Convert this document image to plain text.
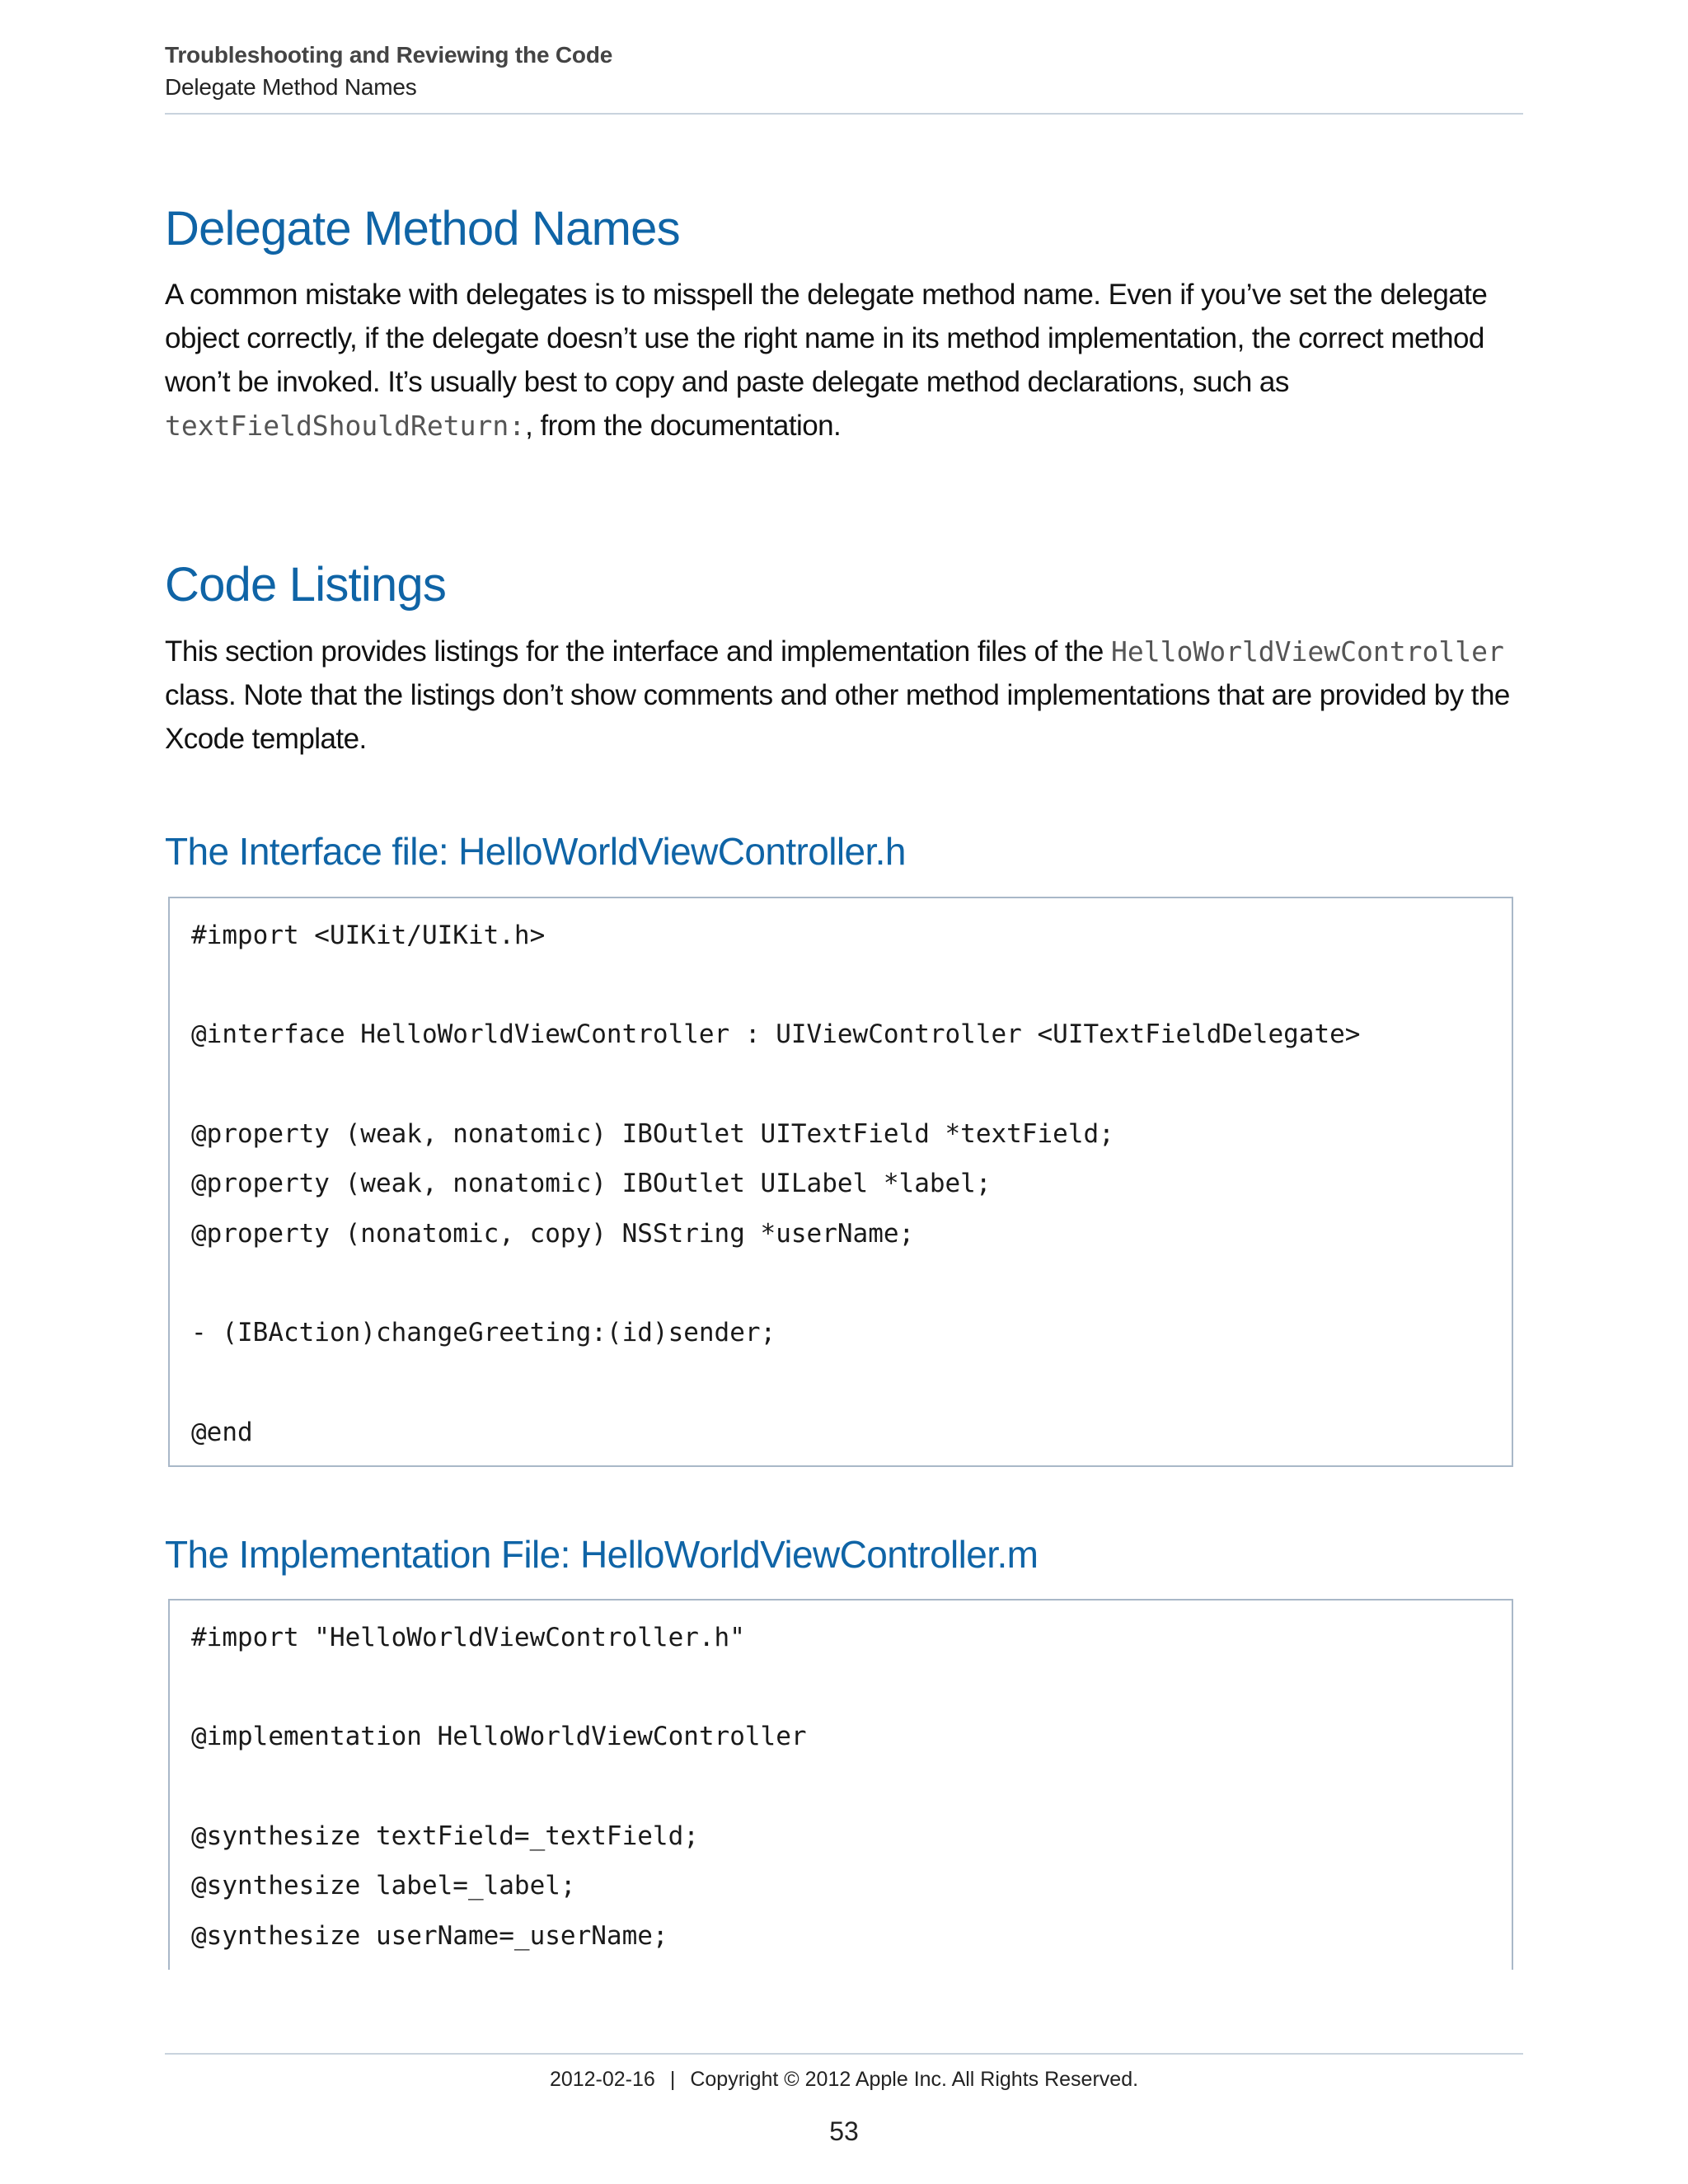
Troubleshooting and Reviewing the Code
Delegate Method Names
Delegate Method Names

A common mistake with delegates is to misspell the delegate method name. Even if you’ve set the delegate object correctly, if the delegate doesn’t use the right name in its method implementation, the correct method won’t be invoked. It’s usually best to copy and paste delegate method declarations, such as textFieldShouldReturn:, from the documentation.

Code Listings

This section provides listings for the interface and implementation files of the HelloWorldViewController class. Note that the listings don’t show comments and other method implementations that are provided by the Xcode template.

The Interface file: HelloWorldViewController.h
#import <UIKit/UIKit.h>
@interface HelloWorldViewController : UIViewController <UITextFieldDelegate>
@property (weak, nonatomic) IBOutlet UITextField *textField;
@property (weak, nonatomic) IBOutlet UILabel *label;
@property (nonatomic, copy) NSString *userName;
- (IBAction)changeGreeting:(id)sender;
@end
The Implementation File: HelloWorldViewController.m
#import "HelloWorldViewController.h"
@implementation HelloWorldViewController
@synthesize textField=_textField;
@synthesize label=_label;
@synthesize userName=_userName;
2012-02-16 | Copyright © 2012 Apple Inc. All Rights Reserved.
53
